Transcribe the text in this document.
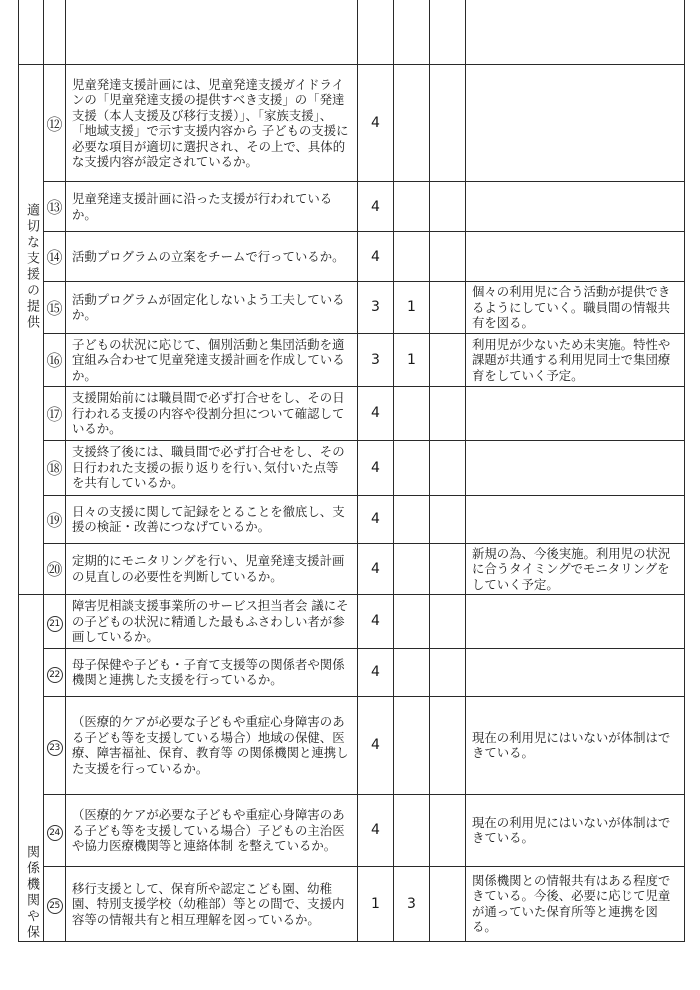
適切な支援の提供	⑫	児童発達支援計画には、児童発達支援ガイドラインの「児童発達支援の提供すべき支援」の「発達支援（本人支援及び移行支援）」、「家族支援」、「地域支援」で示す支援内容から 子どもの支援に必要な項目が適切に選択され、その上で、具体的な支援内容が設定されているか。	4			
	⑬	児童発達支援計画に沿った支援が行われているか。	4			
	⑭	活動プログラムの立案をチームで行っているか。	4			
	⑮	活動プログラムが固定化しないよう工夫しているか。	3	1		個々の利用児に合う活動が提供できるようにしていく。職員間の情報共有を図る。
	⑯	子どもの状況に応じて、個別活動と集団活動を適宜組み合わせて児童発達支援計画を作成しているか。	3	1		利用児が少ないため未実施。特性や課題が共通する利用児同士で集団療育をしていく予定。
	⑰	支援開始前には職員間で必ず打合せをし、その日行われる支援の内容や役割分担について確認しているか。	4			
	⑱	支援終了後には、職員間で必ず打合せをし、その日行われた支援の振り返りを行い､気付いた点等を共有しているか。	4			
	⑲	日々の支援に関して記録をとることを徹底し、支援の検証・改善につなげているか。	4			
	⑳	定期的にモニタリングを行い、児童発達支援計画の見直しの必要性を判断しているか。	4			新規の為、今後実施。利用児の状況に合うタイミングでモニタリングをしていく予定。

関係機関や保	21	障害児相談支援事業所のサービス担当者会 議にその子どもの状況に精通した最もふさわしい者が参画しているか。	4			
	22	母子保健や子ども・子育て支援等の関係者や関係機関と連携した支援を行っているか。	4			
	23	（医療的ケアが必要な子どもや重症心身障害のある子ども等を支援している場合）地域の保健、医療、障害福祉、保育、教育等 の関係機関と連携した支援を行っているか。	4			現在の利用児にはいないが体制はできている。
	24	（医療的ケアが必要な子どもや重症心身障害のある子ども等を支援している場合）子どもの主治医や協力医療機関等と連絡体制 を整えているか。	4			現在の利用児にはいないが体制はできている。
	25	移行支援として、保育所や認定こども園、幼稚園、特別支援学校（幼稚部）等との間で、支援内容等の情報共有と相互理解を図っているか。	1	3		関係機関との情報共有はある程度できている。今後、必要に応じて児童が通っていた保育所等と連携を図る。
